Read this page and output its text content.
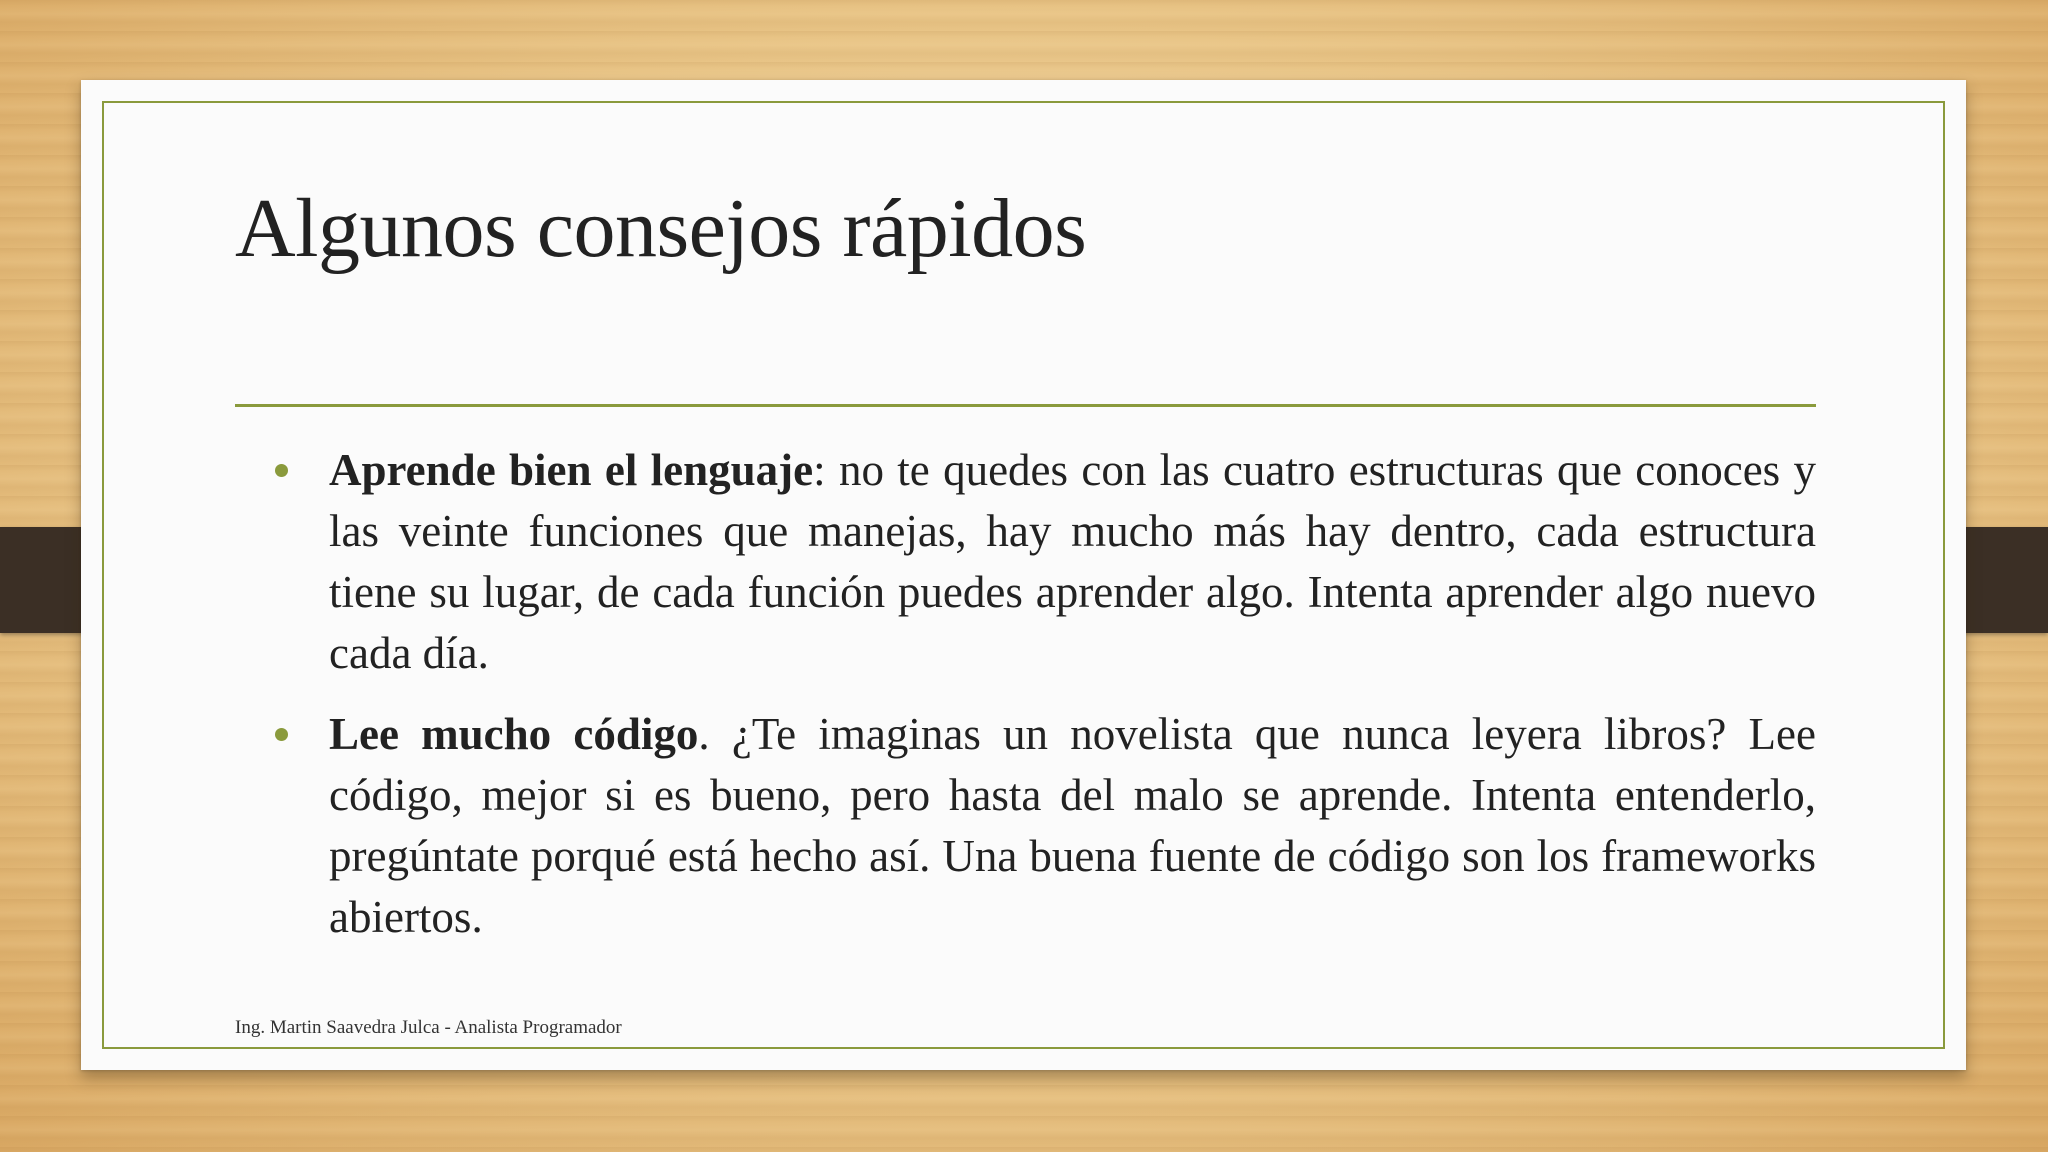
Algunos consejos rápidos
Aprende bien el lenguaje: no te quedes con las cuatro estructuras que conoces y las veinte funciones que manejas, hay mucho más hay dentro, cada estructura tiene su lugar, de cada función puedes aprender algo. Intenta aprender algo nuevo cada día.
Lee mucho código. ¿Te imaginas un novelista que nunca leyera libros? Lee código, mejor si es bueno, pero hasta del malo se aprende. Intenta entenderlo, pregúntate porqué está hecho así. Una buena fuente de código son los frameworks abiertos.
Ing. Martin Saavedra Julca - Analista Programador
